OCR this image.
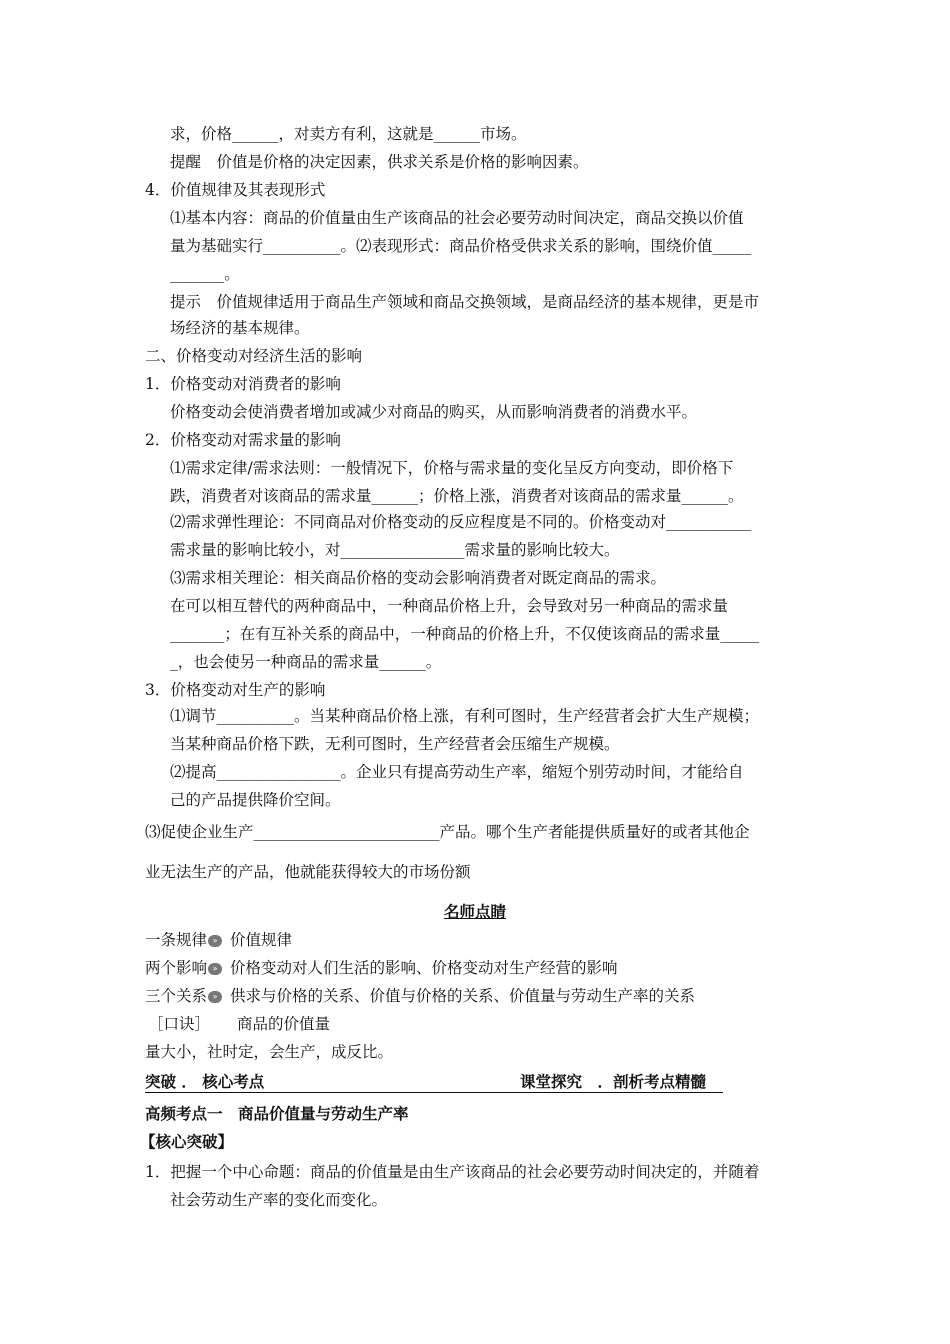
求，价格______，对卖方有利，这就是______市场。
提醒　价值是价格的决定因素，供求关系是价格的影响因素。
4．价值规律及其表现形式
⑴基本内容：商品的价值量由生产该商品的社会必要劳动时间决定，商品交换以价值
量为基础实行__________。⑵表现形式：商品价格受供求关系的影响，围绕价值_____
_______。
提示　价值规律适用于商品生产领域和商品交换领域，是商品经济的基本规律，更是市
场经济的基本规律。
二、价格变动对经济生活的影响
1．价格变动对消费者的影响
价格变动会使消费者增加或减少对商品的购买，从而影响消费者的消费水平。
2．价格变动对需求量的影响
⑴需求定律/需求法则：一般情况下，价格与需求量的变化呈反方向变动，即价格下
跌，消费者对该商品的需求量______；价格上涨，消费者对该商品的需求量______。
⑵需求弹性理论：不同商品对价格变动的反应程度是不同的。价格变动对___________
需求量的影响比较小，对________________需求量的影响比较大。
⑶需求相关理论：相关商品价格的变动会影响消费者对既定商品的需求。
在可以相互替代的两种商品中，一种商品价格上升，会导致对另一种商品的需求量
_______；在有互补关系的商品中，一种商品的价格上升，不仅使该商品的需求量_____
_，也会使另一种商品的需求量______。
3．价格变动对生产的影响
⑴调节__________。当某种商品价格上涨，有利可图时，生产经营者会扩大生产规模；
当某种商品价格下跌，无利可图时，生产经营者会压缩生产规模。
⑵提高________________。企业只有提高劳动生产率，缩短个别劳动时间，才能给自
己的产品提供降价空间。
⑶促使企业生产________________________产品。哪个生产者能提供质量好的或者其他企
业无法生产的产品，他就能获得较大的市场份额
名师点睛
一条规律 » 价值规律
两个影响 » 价格变动对人们生活的影响、价格变动对生产经营的影响
三个关系 » 供求与价格的关系、价值与价格的关系、价值量与劳动生产率的关系
［口诀］ 商品的价值量
量大小，社时定，会生产，成反比。
突破 ． 核心考点	课堂探究　．剖析考点精髓
高频考点一　商品价值量与劳动生产率
【核心突破】
1．把握一个中心命题：商品的价值量是由生产该商品的社会必要劳动时间决定的，并随着
社会劳动生产率的变化而变化。
